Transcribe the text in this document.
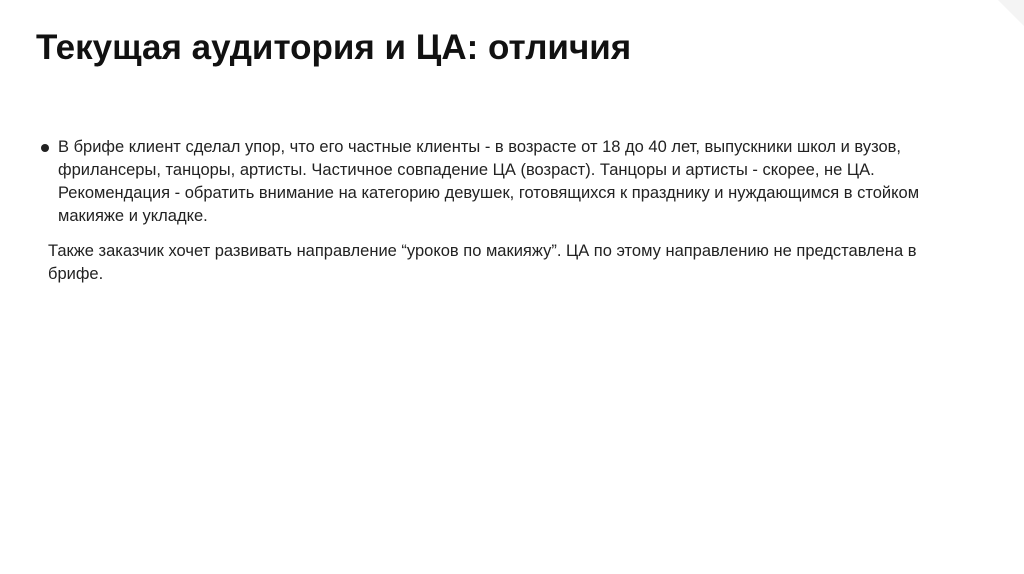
Текущая аудитория и ЦА: отличия
В брифе клиент сделал упор, что его частные клиенты - в возрасте от 18 до 40 лет, выпускники школ и вузов, фрилансеры, танцоры, артисты. Частичное совпадение ЦА (возраст). Танцоры и артисты - скорее, не ЦА. Рекомендация - обратить внимание на категорию девушек, готовящихся к празднику и нуждающимся в стойком макияже и укладке.

Также заказчик хочет развивать направление “уроков по макияжу”. ЦА по этому направлению не представлена в брифе.
